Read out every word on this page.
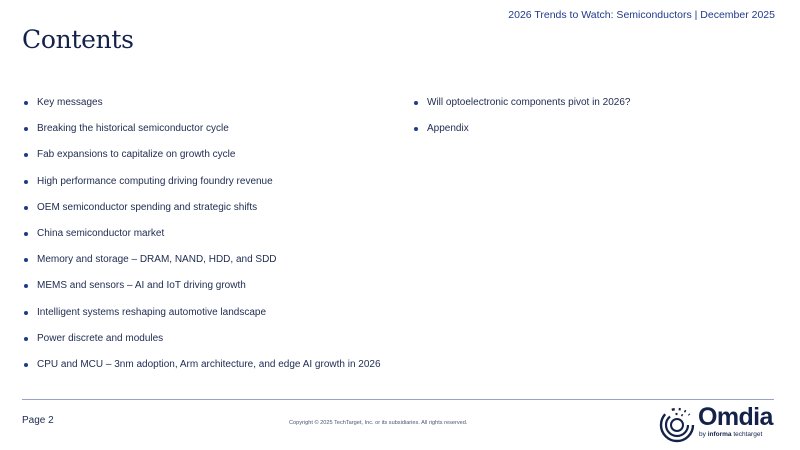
2026 Trends to Watch: Semiconductors | December 2025
Contents
Key messages
Breaking the historical semiconductor cycle
Fab expansions to capitalize on growth cycle
High performance computing driving foundry revenue
OEM semiconductor spending and strategic shifts
China semiconductor market
Memory and storage – DRAM, NAND, HDD, and SDD
MEMS and sensors – AI and IoT driving growth
Intelligent systems reshaping automotive landscape
Power discrete and modules
CPU and MCU – 3nm adoption, Arm architecture, and edge AI growth in 2026
Will optoelectronic components pivot in 2026?
Appendix
Page 2	Copyright © 2025 TechTarget, Inc. or its subsidiaries. All rights reserved.	Omdia
by informa techtarget
